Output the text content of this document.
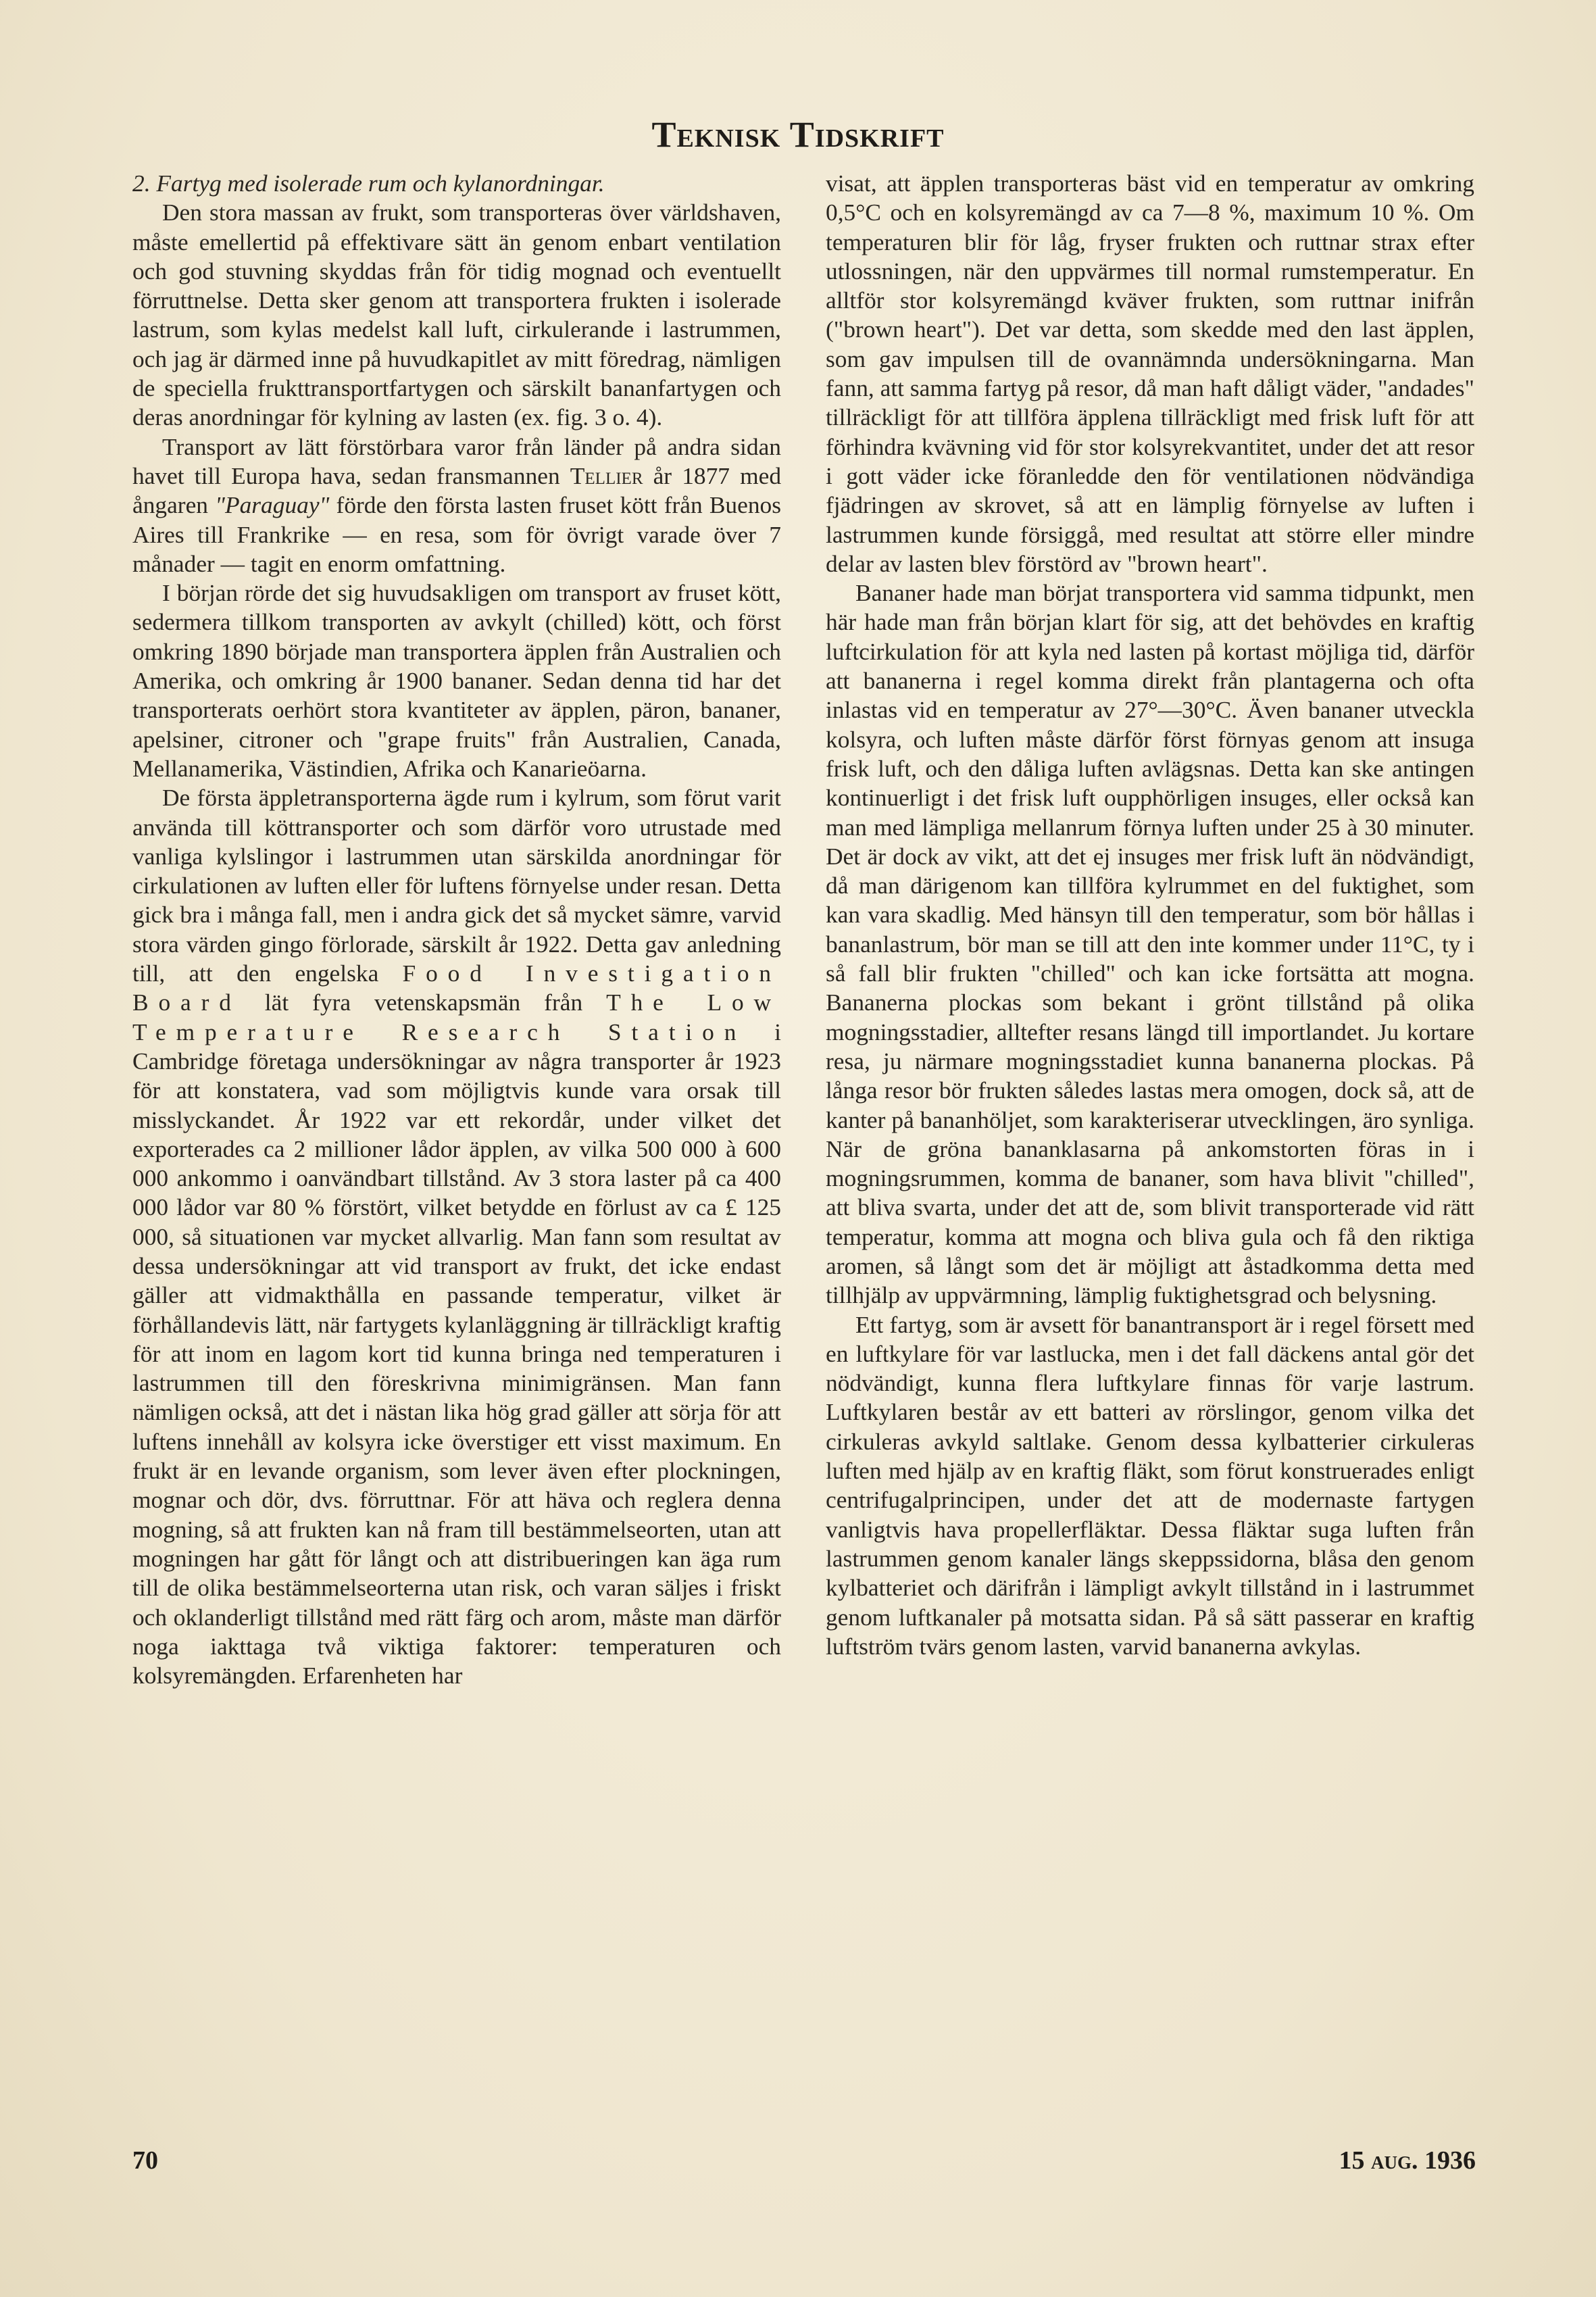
Teknisk Tidskrift

2. Fartyg med isolerade rum och kylanordningar.

Den stora massan av frukt, som transporteras över världshaven, måste emellertid på effektivare sätt än genom enbart ventilation och god stuvning skyddas från för tidig mognad och eventuellt förruttnelse. Detta sker genom att transportera frukten i isolerade lastrum, som kylas medelst kall luft, cirkulerande i lastrummen, och jag är därmed inne på huvudkapitlet av mitt föredrag, nämligen de speciella frukttransportfartygen och särskilt bananfartygen och deras anordningar för kylning av lasten (ex. fig. 3 o. 4).

Transport av lätt förstörbara varor från länder på andra sidan havet till Europa hava, sedan fransmannen Tellier år 1877 med ångaren "Paraguay" förde den första lasten fruset kött från Buenos Aires till Frankrike — en resa, som för övrigt varade över 7 månader — tagit en enorm omfattning.

I början rörde det sig huvudsakligen om transport av fruset kött, sedermera tillkom transporten av avkylt (chilled) kött, och först omkring 1890 började man transportera äpplen från Australien och Amerika, och omkring år 1900 bananer. Sedan denna tid har det transporterats oerhört stora kvantiteter av äpplen, päron, bananer, apelsiner, citroner och "grape fruits" från Australien, Canada, Mellanamerika, Västindien, Afrika och Kanarieöarna.

De första äppletransporterna ägde rum i kylrum, som förut varit använda till köttransporter och som därför voro utrustade med vanliga kylslingor i lastrummen utan särskilda anordningar för cirkulationen av luften eller för luftens förnyelse under resan. Detta gick bra i många fall, men i andra gick det så mycket sämre, varvid stora värden gingo förlorade, särskilt år 1922. Detta gav anledning till, att den engelska Food Investigation Board lät fyra vetenskapsmän från The Low Temperature Research Station i Cambridge företaga undersökningar av några transporter år 1923 för att konstatera, vad som möjligtvis kunde vara orsak till misslyckandet. År 1922 var ett rekordår, under vilket det exporterades ca 2 millioner lådor äpplen, av vilka 500 000 à 600 000 ankommo i oanvändbart tillstånd. Av 3 stora laster på ca 400 000 lådor var 80 % förstört, vilket betydde en förlust av ca £ 125 000, så situationen var mycket allvarlig. Man fann som resultat av dessa undersökningar att vid transport av frukt, det icke endast gäller att vidmakthålla en passande temperatur, vilket är förhållandevis lätt, när fartygets kylanläggning är tillräckligt kraftig för att inom en lagom kort tid kunna bringa ned temperaturen i lastrummen till den föreskrivna minimigränsen. Man fann nämligen också, att det i nästan lika hög grad gäller att sörja för att luftens innehåll av kolsyra icke överstiger ett visst maximum. En frukt är en levande organism, som lever även efter plockningen, mognar och dör, dvs. förruttnar. För att häva och reglera denna mogning, så att frukten kan nå fram till bestämmelseorten, utan att mogningen har gått för långt och att distribueringen kan äga rum till de olika bestämmelseorterna utan risk, och varan säljes i friskt och oklanderligt tillstånd med rätt färg och arom, måste man därför noga iakttaga två viktiga faktorer: temperaturen och kolsyremängden. Erfarenheten har

visat, att äpplen transporteras bäst vid en temperatur av omkring 0,5°C och en kolsyremängd av ca 7—8 %, maximum 10 %. Om temperaturen blir för låg, fryser frukten och ruttnar strax efter utlossningen, när den uppvärmes till normal rumstemperatur. En alltför stor kolsyremängd kväver frukten, som ruttnar inifrån ("brown heart"). Det var detta, som skedde med den last äpplen, som gav impulsen till de ovannämnda undersökningarna. Man fann, att samma fartyg på resor, då man haft dåligt väder, "andades" tillräckligt för att tillföra äpplena tillräckligt med frisk luft för att förhindra kvävning vid för stor kolsyrekvantitet, under det att resor i gott väder icke föranledde den för ventilationen nödvändiga fjädringen av skrovet, så att en lämplig förnyelse av luften i lastrummen kunde försiggå, med resultat att större eller mindre delar av lasten blev förstörd av "brown heart".

Bananer hade man börjat transportera vid samma tidpunkt, men här hade man från början klart för sig, att det behövdes en kraftig luftcirkulation för att kyla ned lasten på kortast möjliga tid, därför att bananerna i regel komma direkt från plantagerna och ofta inlastas vid en temperatur av 27°—30°C. Även bananer utveckla kolsyra, och luften måste därför först förnyas genom att insuga frisk luft, och den dåliga luften avlägsnas. Detta kan ske antingen kontinuerligt i det frisk luft oupphörligen insuges, eller också kan man med lämpliga mellanrum förnya luften under 25 à 30 minuter. Det är dock av vikt, att det ej insuges mer frisk luft än nödvändigt, då man därigenom kan tillföra kylrummet en del fuktighet, som kan vara skadlig. Med hänsyn till den temperatur, som bör hållas i bananlastrum, bör man se till att den inte kommer under 11°C, ty i så fall blir frukten "chilled" och kan icke fortsätta att mogna. Bananerna plockas som bekant i grönt tillstånd på olika mogningsstadier, alltefter resans längd till importlandet. Ju kortare resa, ju närmare mogningsstadiet kunna bananerna plockas. På långa resor bör frukten således lastas mera omogen, dock så, att de kanter på bananhöljet, som karakteriserar utvecklingen, äro synliga. När de gröna bananklasarna på ankomstorten föras in i mogningsrummen, komma de bananer, som hava blivit "chilled", att bliva svarta, under det att de, som blivit transporterade vid rätt temperatur, komma att mogna och bliva gula och få den riktiga aromen, så långt som det är möjligt att åstadkomma detta med tillhjälp av uppvärmning, lämplig fuktighetsgrad och belysning.

Ett fartyg, som är avsett för banantransport är i regel försett med en luftkylare för var lastlucka, men i det fall däckens antal gör det nödvändigt, kunna flera luftkylare finnas för varje lastrum. Luftkylaren består av ett batteri av rörslingor, genom vilka det cirkuleras avkyld saltlake. Genom dessa kylbatterier cirkuleras luften med hjälp av en kraftig fläkt, som förut konstruerades enligt centrifugalprincipen, under det att de modernaste fartygen vanligtvis hava propellerfläktar. Dessa fläktar suga luften från lastrummen genom kanaler längs skeppssidorna, blåsa den genom kylbatteriet och därifrån i lämpligt avkylt tillstånd in i lastrummet genom luftkanaler på motsatta sidan. På så sätt passerar en kraftig luftström tvärs genom lasten, varvid bananerna avkylas.

70	15 aug. 1936
